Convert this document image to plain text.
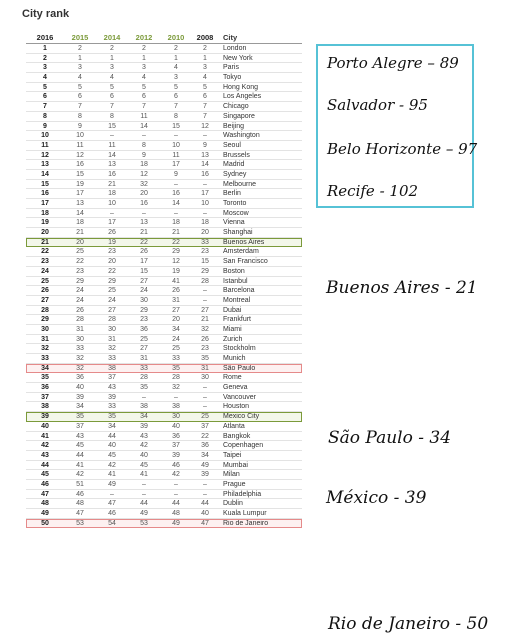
City rank
2016	2015	2014	2012	2010	2008	City
1	2	2	2	2	2	London
2	1	1	1	1	1	New York
3	3	3	3	4	3	Paris
4	4	4	4	3	4	Tokyo
5	5	5	5	5	5	Hong Kong
6	6	6	6	6	6	Los Angeles
7	7	7	7	7	7	Chicago
8	8	8	11	8	7	Singapore
9	9	15	14	15	12	Beijing
10	10	–	–	–	–	Washington
11	11	11	8	10	9	Seoul
12	12	14	9	11	13	Brussels
13	16	13	18	17	14	Madrid
14	15	16	12	9	16	Sydney
15	19	21	32	–	–	Melbourne
16	17	18	20	16	17	Berlin
17	13	10	16	14	10	Toronto
18	14	–	–	–	–	Moscow
19	18	17	13	18	18	Vienna
20	21	26	21	21	20	Shanghai
21	20	19	22	22	33	Buenos Aires
22	25	23	26	29	23	Amsterdam
23	22	20	17	12	15	San Francisco
24	23	22	15	19	29	Boston
25	29	29	27	41	28	Istanbul
26	24	25	24	26	–	Barcelona
27	24	24	30	31	–	Montreal
28	26	27	29	27	27	Dubai
29	28	28	23	20	21	Frankfurt
30	31	30	36	34	32	Miami
31	30	31	25	24	26	Zurich
32	33	32	27	25	23	Stockholm
33	32	33	31	33	35	Munich
34	32	38	33	35	31	São Paulo
35	36	37	28	28	30	Rome
36	40	43	35	32	–	Geneva
37	39	39	–	–	–	Vancouver
38	34	33	38	38	–	Houston
39	35	35	34	30	25	Mexico City
40	37	34	39	40	37	Atlanta
41	43	44	43	36	22	Bangkok
42	45	40	42	37	36	Copenhagen
43	44	45	40	39	34	Taipei
44	41	42	45	46	49	Mumbai
45	42	41	41	42	39	Milan
46	51	49	–	–	–	Prague
47	46	–	–	–	–	Philadelphia
48	48	47	44	44	44	Dublin
49	47	46	49	48	40	Kuala Lumpur
50	53	54	53	49	47	Rio de Janeiro
Porto Alegre – 89
Salvador - 95
Belo Horizonte – 97
Recife - 102
Buenos Aires - 21
São Paulo - 34
México - 39
Rio de Janeiro - 50
